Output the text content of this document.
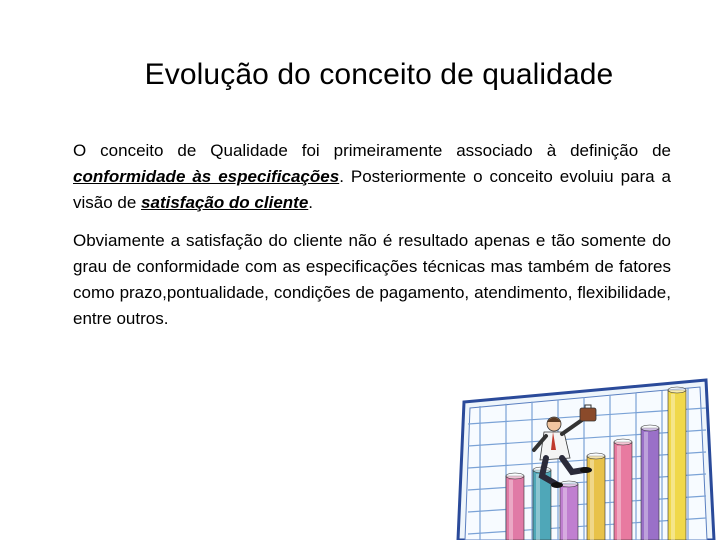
Evolução do conceito de qualidade

O conceito de Qualidade foi primeiramente associado à definição de conformidade às especificações. Posteriormente o conceito evoluiu para a visão de satisfação do cliente.

Obviamente a satisfação do cliente não é resultado apenas e tão somente do grau de conformidade com as especificações técnicas mas também de fatores como prazo,pontualidade, condições de pagamento, atendimento, flexibilidade, entre outros.
